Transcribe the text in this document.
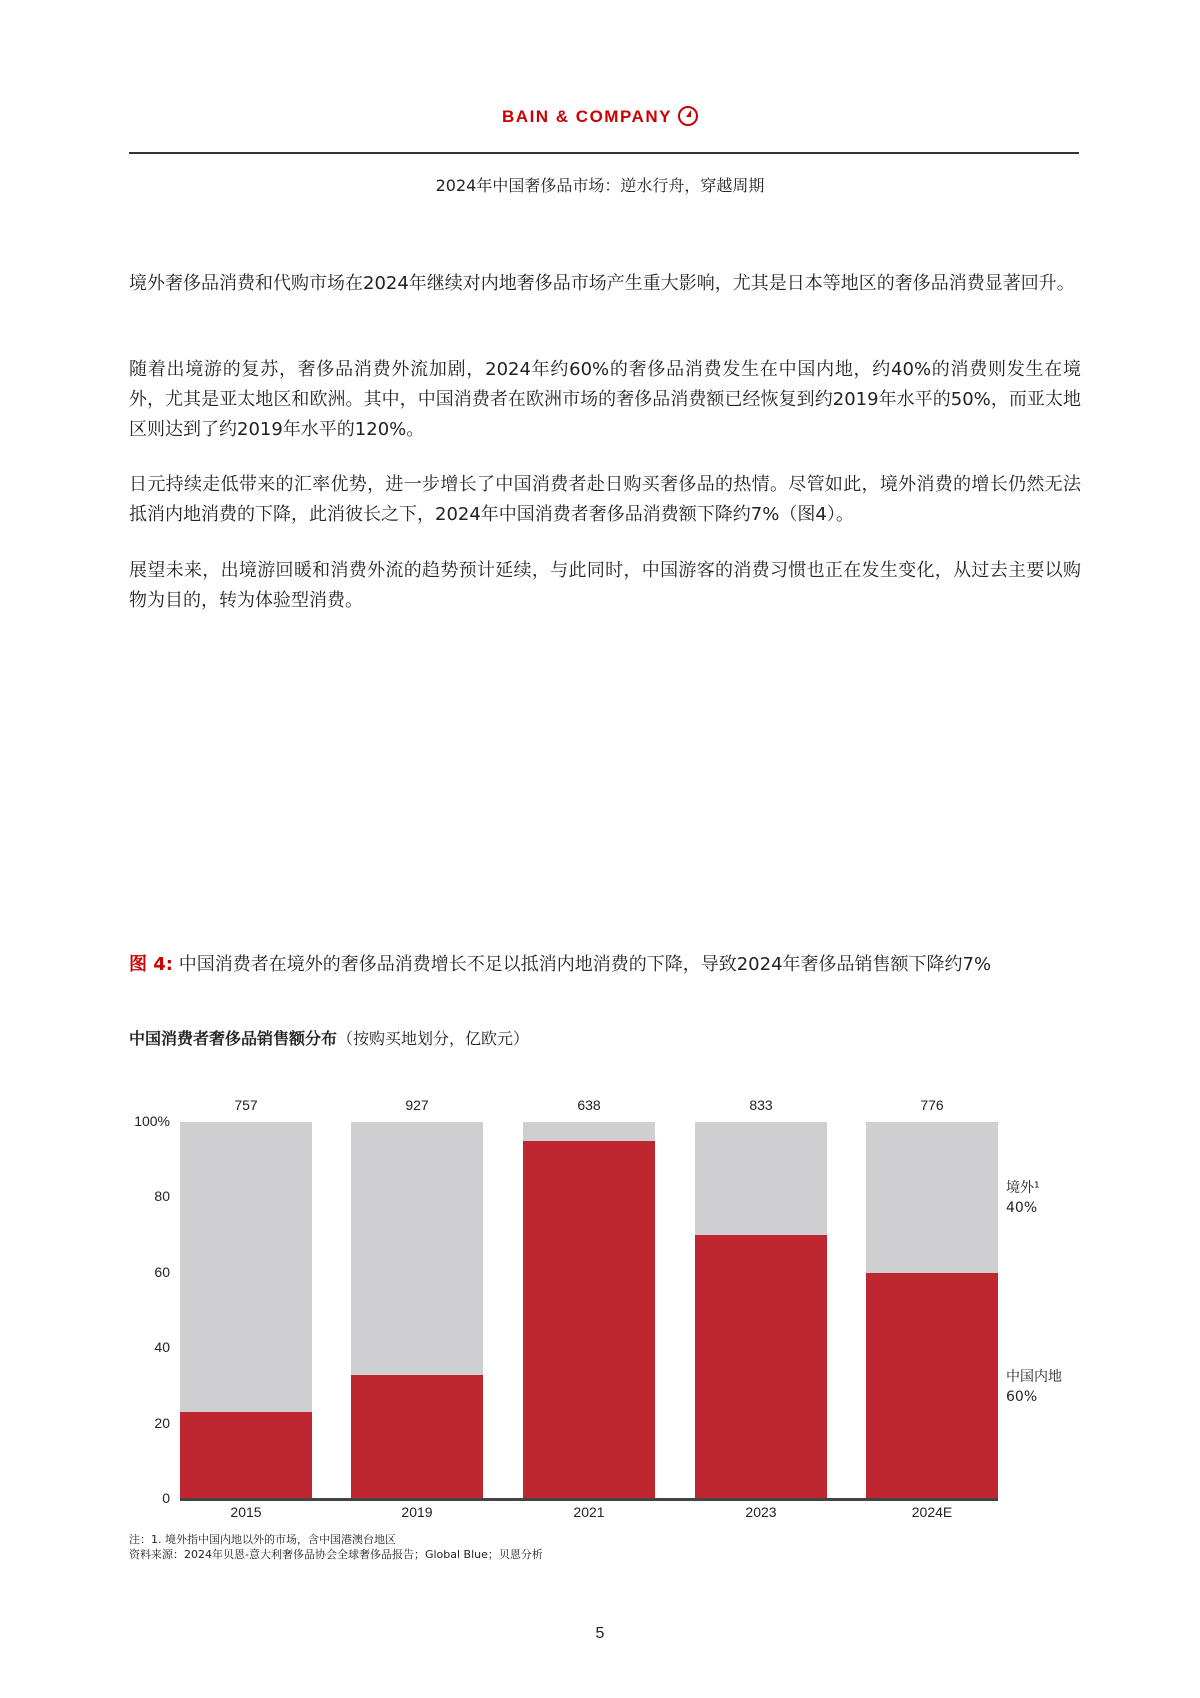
BAIN & COMPANY
2024年中国奢侈品市场：逆水行舟，穿越周期
境外奢侈品消费和代购市场在2024年继续对内地奢侈品市场产生重大影响，尤其是日本等地区的奢侈品消费显著回升。
随着出境游的复苏，奢侈品消费外流加剧，2024年约60%的奢侈品消费发生在中国内地，约40%的消费则发生在境外，尤其是亚太地区和欧洲。其中，中国消费者在欧洲市场的奢侈品消费额已经恢复到约2019年水平的50%，而亚太地区则达到了约2019年水平的120%。
日元持续走低带来的汇率优势，进一步增长了中国消费者赴日购买奢侈品的热情。尽管如此，境外消费的增长仍然无法抵消内地消费的下降，此消彼长之下，2024年中国消费者奢侈品消费额下降约7%（图4）。
展望未来，出境游回暖和消费外流的趋势预计延续，与此同时，中国游客的消费习惯也正在发生变化，从过去主要以购物为目的，转为体验型消费。
图 4: 中国消费者在境外的奢侈品消费增长不足以抵消内地消费的下降，导致2024年奢侈品销售额下降约7%
中国消费者奢侈品销售额分布（按购买地划分，亿欧元）
0
20
40
60
80
100%
757
2015
927
2019
638
2021
833
2023
776
2024E
境外¹
40%
中国内地
60%
注：1. 境外指中国内地以外的市场，含中国港澳台地区
资料来源：2024年贝恩-意大利奢侈品协会全球奢侈品报告；Global Blue；贝恩分析
5
